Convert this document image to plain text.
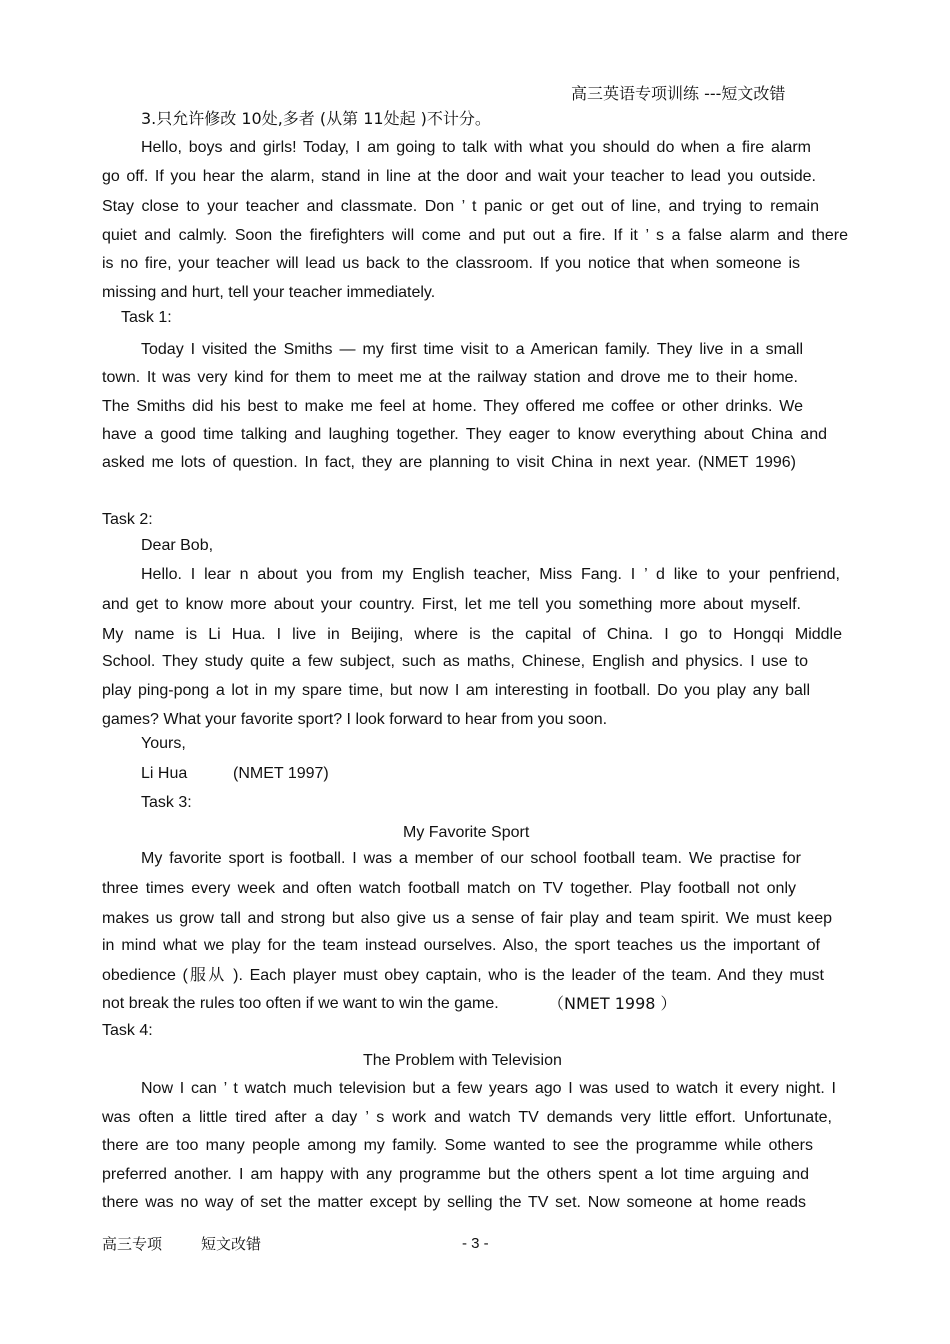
高三英语专项训练 ---短文改错
3.只允许修改 10处,多者 (从第 11处起 )不计分。
Hello, boys and girls! Today, I am going to talk with what you should do when a fire alarm
go off. If you hear the alarm, stand in line at the door and wait your teacher to lead you outside.
Stay close to your teacher and classmate. Don ’ t panic or get out of line, and trying to remain
quiet and calmly. Soon the firefighters will come and put out a fire. If it ’ s a false alarm and there
is no fire, your teacher will lead us back to the classroom. If you notice that when someone is
missing and hurt, tell your teacher immediately.
Task 1:
Today I visited the Smiths — my first time visit to a American family. They live in a small
town. It was very kind for them to meet me at the railway station and drove me to their home.
The Smiths did his best to make me feel at home. They offered me coffee or other drinks. We
have a good time talking and laughing together. They eager to know everything about China and
asked me lots of question. In fact, they are planning to visit China in next year. (NMET 1996)
Task 2:
Dear Bob,
Hello. I lear n about you from my English teacher, Miss Fang. I ’ d like to your penfriend,
and get to know more about your country. First, let me tell you something more about myself.
My name is Li Hua. I live in Beijing, where is the capital of China. I go to Hongqi Middle
School. They study quite a few subject, such as maths, Chinese, English and physics. I use to
play ping-pong a lot in my spare time, but now I am interesting in football. Do you play any ball
games? What your favorite sport? I look forward to hear from you soon.
Yours,
Li Hua	(NMET 1997)
Task 3:
My Favorite Sport
My favorite sport is football. I was a member of our school football team. We practise for
three times every week and often watch football match on TV together. Play football not only
makes us grow tall and strong but also give us a sense of fair play and team spirit. We must keep
in mind what we play for the team instead ourselves. Also, the sport teaches us the important of
obedience (服从 ). Each player must obey captain, who is the leader of the team. And they must
not break the rules too often if we want to win the game.	（NMET 1998 ）
Task 4:
The Problem with Television
Now I can ’ t watch much television but a few years ago I was used to watch it every night. I
was often a little tired after a day ’ s work and watch TV demands very little effort. Unfortunate,
there are too many people among my family. Some wanted to see the programme while others
preferred another. I am happy with any programme but the others spent a lot time arguing and
there was no way of set the matter except by selling the TV set. Now someone at home reads
高三专项	短文改错	- 3 -
